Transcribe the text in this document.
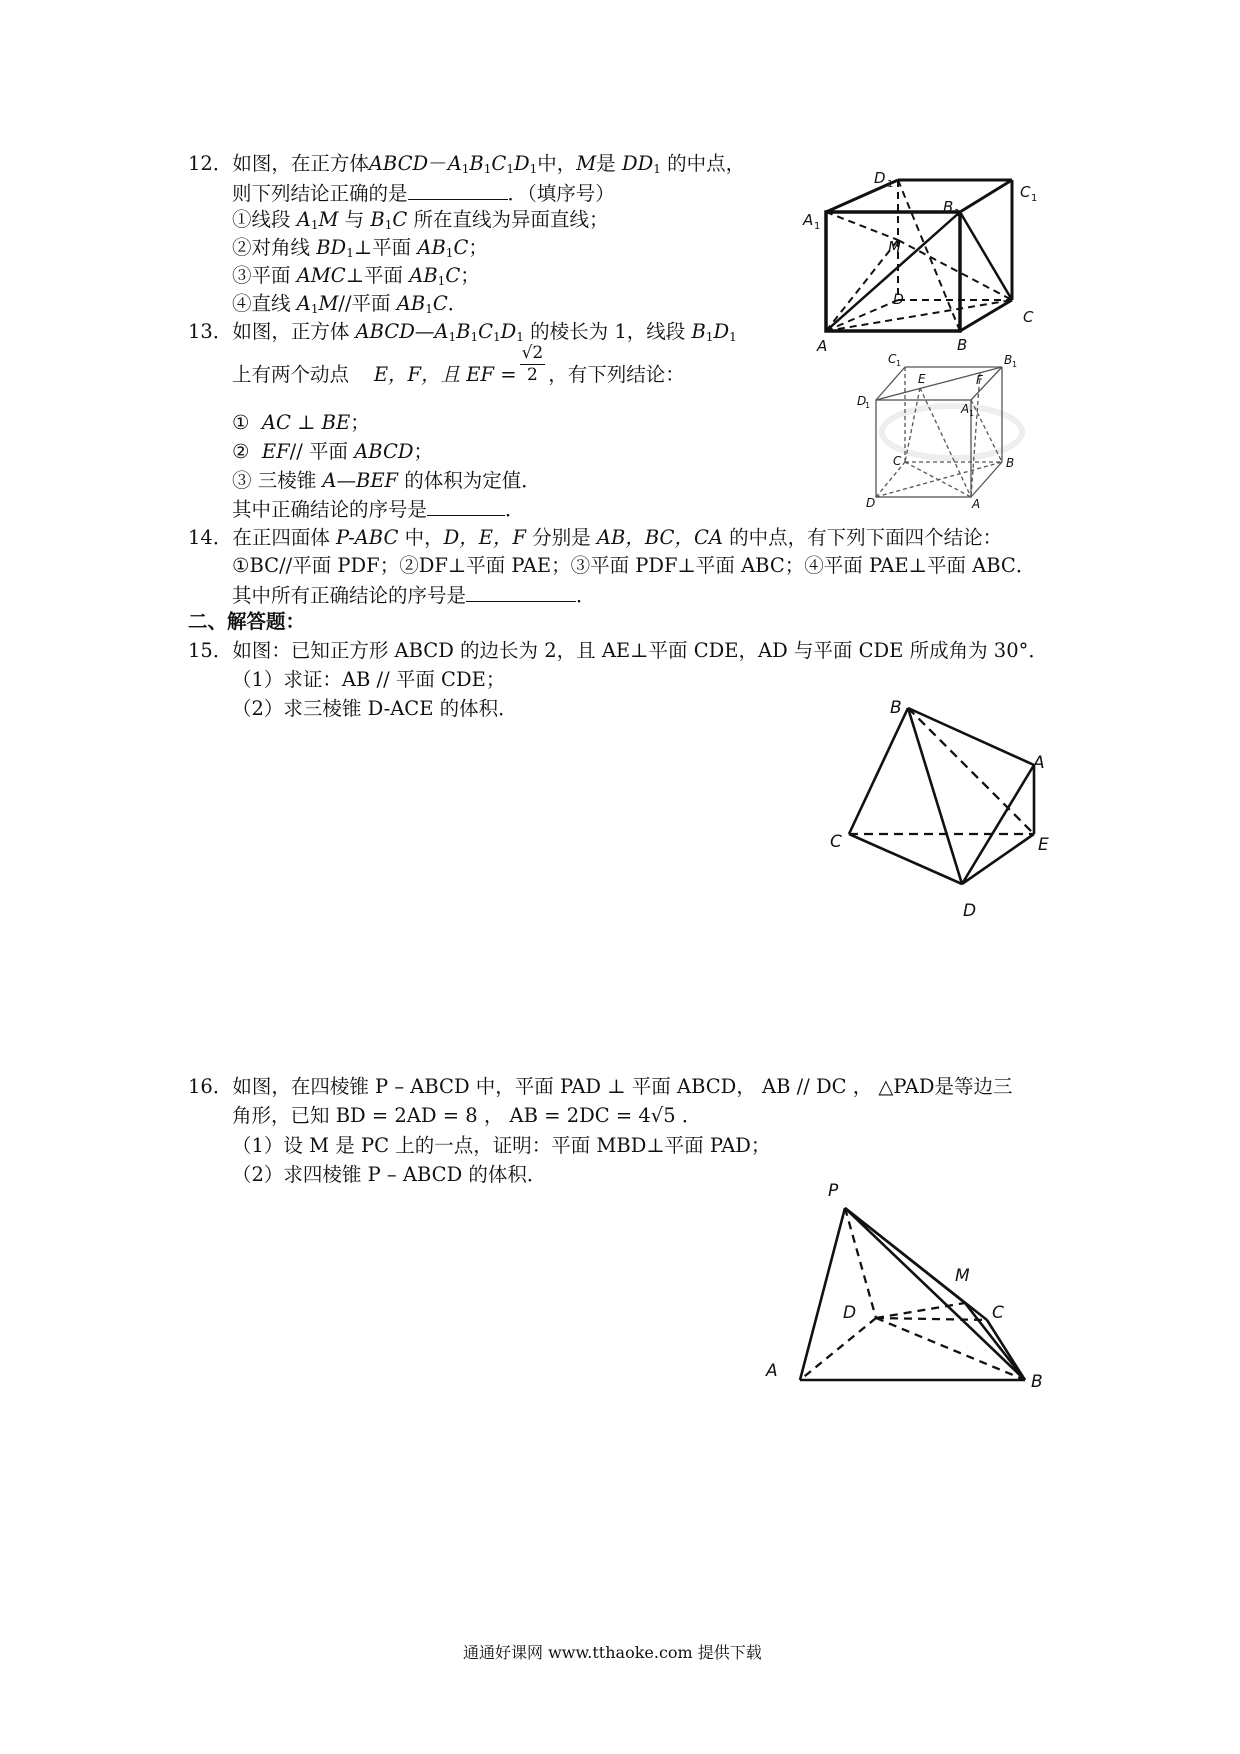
12．如图，在正方体$ABCD-A_1B_1C_1D_1$中，M是 $DD_1$ 的中点，
则下列结论正确的是	．（填序号）
①线段 $A_1M$ 与 $B_1C$ 所在直线为异面直线；
②对角线 $BD_1\perp$平面 $AB_1C$；
③平面 AMC⊥平面 $AB_1C$；
④直线 $A_1M//$平面 $AB_1C$．
D 1	C 1
A 1
B 1
M
D
A	B
C
13．如图，正方体 $ABCD—A_1B_1C_1D_1$ 的棱长为 1，线段 $B_1D_1$
上有两个动点 E，F，且 EF = $\frac{√2}{2}$ ，有下列结论：
① AC ⊥ BE；
② EF// 平面 ABCD；
③ 三棱锥 A—BEF 的体积为定值．
其中正确结论的序号是	．
C 1	B 1
E	F
D
1	A 1
C	B
D	A
14．在正四面体 P-ABC 中，D，E，F 分别是 AB，BC，CA 的中点，有下列下面四个结论：
①BC//平面 PDF；②DF⊥平面 PAE；③平面 PDF⊥平面 ABC；④平面 PAE⊥平面 ABC．
其中所有正确结论的序号是	．
二、解答题：
15．如图：已知正方形 ABCD 的边长为 2，且 AE⊥平面 CDE，AD 与平面 CDE 所成角为 30°．
（1）求证：AB // 平面 CDE；
（2）求三棱锥 D-ACE 的体积．	B
A
C	E
D
16．如图，在四棱锥 P – ABCD 中，平面 PAD ⊥ 平面 ABCD， AB // DC ， △PAD是等边三
角形，已知 BD = 2AD = 8 ， AB = 2DC = 4√5 ．
（1）设 M 是 PC 上的一点，证明：平面 MBD⊥平面 PAD；
（2）求四棱锥 P – ABCD 的体积．
P
M
D	C
A
B
通通好课网 www.tthaoke.com 提供下载
